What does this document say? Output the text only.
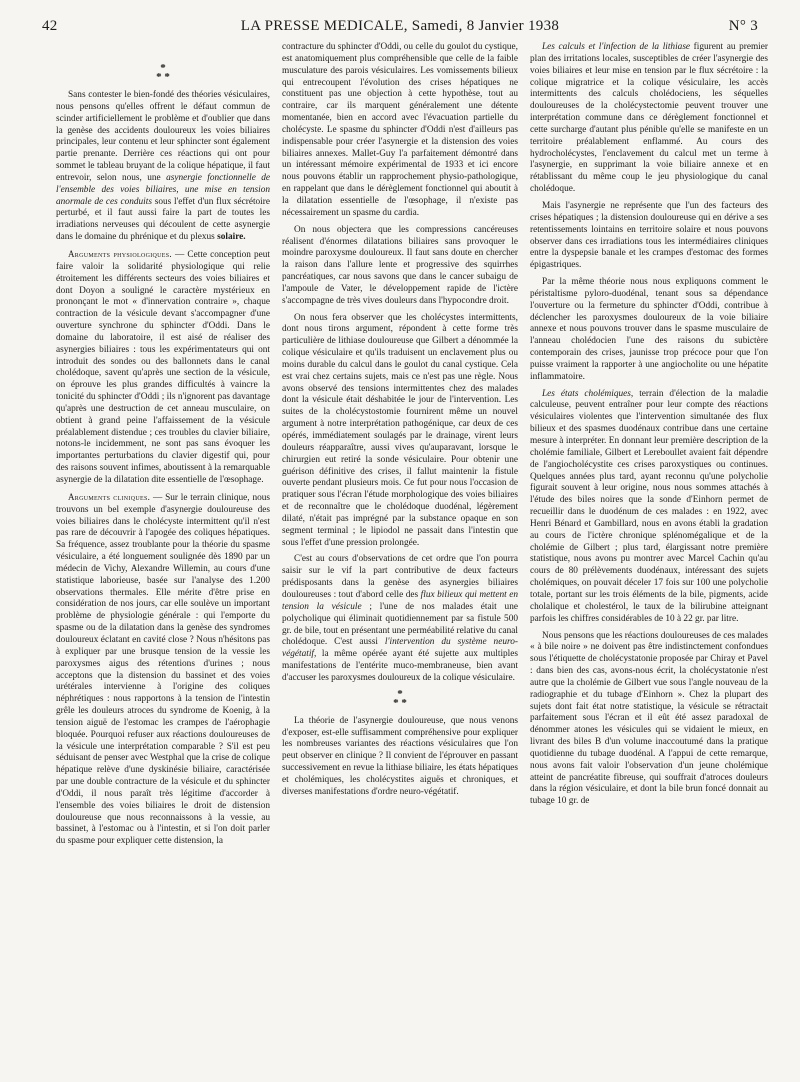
42	LA PRESSE MEDICALE, Samedi, 8 Janvier 1938	N° 3
*
* *

Sans contester le bien-fondé des théories vésiculaires, nous pensons qu'elles offrent le défaut commun de scinder artificiellement le problème et d'oublier que dans la genèse des accidents douloureux les voies biliaires principales, leur contenu et leur sphincter sont également partie prenante. Derrière ces réactions qui ont pour sommet le tableau bruyant de la colique hépatique, il faut entrevoir, selon nous, une asynergie fonctionnelle de l'ensemble des voies biliaires, une mise en tension anormale de ces conduits sous l'effet d'un flux sécrétoire perturbé, et il faut aussi faire la part de toutes les irradiations nerveuses qui découlent de cette asynergie dans le domaine du phrénique et du plexus solaire.

Arguments physiologiques. — Cette conception peut faire valoir la solidarité physiologique qui relie étroitement les différents secteurs des voies biliaires et dont Doyon a souligné le caractère mystérieux en prononçant le mot « d'innervation contraire », chaque contraction de la vésicule devant s'accompagner d'une ouverture synchrone du sphincter d'Oddi. Dans le domaine du laboratoire, il est aisé de réaliser des asynergies biliaires : tous les expérimentateurs qui ont introduit des sondes ou des ballonnets dans le canal cholédoque, savent qu'après une section de la vésicule, on éprouve les plus grandes difficultés à vaincre la tonicité du sphincter d'Oddi ; ils n'ignorent pas davantage qu'après une destruction de cet anneau musculaire, on obtient à grand peine l'affaissement de la vésicule préalablement distendue ; ces troubles du clavier biliaire, notons-le incidemment, ne sont pas sans évoquer les importantes perturbations du clavier digestif qui, pour des raisons souvent infimes, aboutissent à la remarquable asynergie de la dilatation dite essentielle de l'œsophage.

Arguments cliniques. — Sur le terrain clinique, nous trouvons un bel exemple d'asynergie douloureuse des voies biliaires dans le cholécyste intermittent qu'il n'est pas rare de découvrir à l'apogée des coliques hépatiques. Sa fréquence, assez troublante pour la théorie du spasme vésiculaire, a été longuement soulignée dès 1890 par un médecin de Vichy, Alexandre Willemin, au cours d'une statistique laborieuse, basée sur l'analyse des 1.200 observations thermales. Elle mérite d'être prise en considération de nos jours, car elle soulève un important problème de physiologie générale : qui l'emporte du spasme ou de la dilatation dans la genèse des syndromes douloureux éclatant en cavité close ? Nous n'hésitons pas à expliquer par une brusque tension de la vessie les paroxysmes aigus des rétentions d'urines ; nous acceptons que la distension du bassinet et des voies urétérales intervienne à l'origine des coliques néphrétiques : nous rapportons à la tension de l'intestin grêle les douleurs atroces du syndrome de Koenig, à la tension aiguë de l'estomac les crampes de l'aérophagie bloquée. Pourquoi refuser aux réactions douloureuses de la vésicule une interprétation comparable ? S'il est peu séduisant de penser avec Westphal que la crise de colique hépatique relève d'une dyskinésie biliaire, caractérisée par une double contracture de la vésicule et du sphincter d'Oddi, il nous paraît très légitime d'accorder à l'ensemble des voies biliaires le droit de distension douloureuse que nous reconnaissons à la vessie, au bassinet, à l'estomac ou à l'intestin, et si l'on doit parler du spasme pour expliquer cette distension, la

contracture du sphincter d'Oddi, ou celle du goulot du cystique, est anatomiquement plus compréhensible que celle de la faible musculature des parois vésiculaires. Les vomissements bilieux qui entrecoupent l'évolution des crises hépatiques ne constituent pas une objection à cette hypothèse, tout au contraire, car ils marquent généralement une détente momentanée, bien en accord avec l'évacuation partielle du cholécyste. Le spasme du sphincter d'Oddi n'est d'ailleurs pas indispensable pour créer l'asynergie et la distension des voies biliaires annexes. Mallet-Guy l'a parfaitement démontré dans un intéressant mémoire expérimental de 1933 et ici encore nous pouvons établir un rapprochement physio-pathologique, en rappelant que dans le dérèglement fonctionnel qui aboutit à la dilatation essentielle de l'œsophage, il n'existe pas nécessairement un spasme du cardia.

On nous objectera que les compressions cancéreuses réalisent d'énormes dilatations biliaires sans provoquer le moindre paroxysme douloureux. Il faut sans doute en chercher la raison dans l'allure lente et progressive des squirrhes pancréatiques, car nous savons que dans le cancer subaigu de l'ampoule de Vater, le développement rapide de l'ictère s'accompagne de très vives douleurs dans l'hypocondre droit.

On nous fera observer que les cholécystes intermittents, dont nous tirons argument, répondent à cette forme très particulière de lithiase douloureuse que Gilbert a dénommée la colique vésiculaire et qu'ils traduisent un enclavement plus ou moins durable du calcul dans le goulot du canal cystique. Cela est vrai chez certains sujets, mais ce n'est pas une règle. Nous avons observé des tensions intermittentes chez des malades dont la vésicule était déshabitée le jour de l'intervention. Les suites de la cholécystostomie fournirent même un nouvel argument à notre interprétation pathogénique, car deux de ces opérés, immédiatement soulagés par le drainage, virent leurs douleurs réapparaître, aussi vives qu'auparavant, lorsque le chirurgien eut retiré la sonde vésiculaire. Pour obtenir une guérison définitive des crises, il fallut maintenir la fistule ouverte pendant plusieurs mois. Ce fut pour nous l'occasion de pratiquer sous l'écran l'étude morphologique des voies biliaires et de reconnaître que le cholédoque duodénal, légèrement dilaté, n'était pas imprégné par la substance opaque en son segment terminal ; le lipiodol ne passait dans l'intestin que sous l'effet d'une pression prolongée.

C'est au cours d'observations de cet ordre que l'on pourra saisir sur le vif la part contributive de deux facteurs prédisposants dans la genèse des asynergies biliaires douloureuses : tout d'abord celle des flux bilieux qui mettent en tension la vésicule ; l'une de nos malades était une polycholique qui éliminait quotidiennement par sa fistule 500 gr. de bile, tout en présentant une perméabilité relative du canal cholédoque. C'est aussi l'intervention du système neuro-végétatif, la même opérée ayant été sujette aux multiples manifestations de l'entérite muco-membraneuse, bien avant d'accuser les paroxysmes douloureux de la colique vésiculaire.

*
* *

La théorie de l'asynergie douloureuse, que nous venons d'exposer, est-elle suffisamment compréhensive pour expliquer les nombreuses variantes des réactions vésiculaires que l'on peut observer en clinique ? Il convient de l'éprouver en passant successivement en revue la lithiase biliaire, les états hépatiques et cholémiques, les cholécystites aiguës et chroniques, et diverses manifestations d'ordre neuro-végétatif.

Les calculs et l'infection de la lithiase figurent au premier plan des irritations locales, susceptibles de créer l'asynergie des voies biliaires et leur mise en tension par le flux sécrétoire : la colique migratrice et la colique vésiculaire, les accès intermittents des calculs cholédociens, les séquelles douloureuses de la cholécystectomie peuvent trouver une interprétation commune dans ce dérèglement fonctionnel et cette surcharge d'autant plus pénible qu'elle se manifeste en un territoire préalablement enflammé. Au cours des hydrocholécystes, l'enclavement du calcul met un terme à l'asynergie, en supprimant la voie biliaire annexe et en rétablissant du même coup le jeu physiologique du canal cholédoque.

Mais l'asynergie ne représente que l'un des facteurs des crises hépatiques ; la distension douloureuse qui en dérive a ses retentissements lointains en territoire solaire et nous pouvons observer dans ces irradiations tous les intermédiaires cliniques entre la dyspepsie banale et les crampes d'estomac des formes épigastriques.

Par la même théorie nous nous expliquons comment le péristaltisme pyloro-duodénal, tenant sous sa dépendance l'ouverture ou la fermeture du sphincter d'Oddi, contribue à déclencher les paroxysmes douloureux de la voie biliaire annexe et nous pouvons trouver dans le spasme musculaire de l'anneau cholédocien l'une des raisons du subictère contemporain des crises, jaunisse trop précoce pour que l'on puisse vraiment la rapporter à une angiocholite ou une hépatite inflammatoire.

Les états cholémiques, terrain d'élection de la maladie calculeuse, peuvent entraîner pour leur compte des réactions vésiculaires violentes que l'intervention simultanée des flux bilieux et des spasmes duodénaux contribue dans une certaine mesure à interpréter. En donnant leur première description de la cholémie familiale, Gilbert et Lereboullet avaient fait dépendre de l'angiocholécystite ces crises paroxystiques ou continues. Quelques années plus tard, ayant reconnu qu'une polycholie figurait souvent à leur origine, nous nous sommes attachés à l'étude des biles noires que la sonde d'Einhorn permet de recueillir dans le duodénum de ces malades : en 1922, avec Henri Bénard et Gambillard, nous en avons établi la gradation au cours de l'ictère chronique splénomégalique et de la cholémie de Gilbert ; plus tard, élargissant notre première statistique, nous avons pu montrer avec Marcel Cachin qu'au cours de 80 prélèvements duodénaux, intéressant des sujets cholémiques, on pouvait déceler 17 fois sur 100 une polycholie totale, portant sur les trois éléments de la bile, pigments, acide cholalique et cholestérol, le taux de la bilirubine atteignant parfois les chiffres considérables de 10 à 22 gr. par litre.

Nous pensons que les réactions douloureuses de ces malades « à bile noire » ne doivent pas être indistinctement confondues sous l'étiquette de cholécystatonie proposée par Chiray et Pavel : dans bien des cas, avons-nous écrit, la cholécystatonie n'est autre que la cholémie de Gilbert vue sous l'angle nouveau de la radiographie et du tubage d'Einhorn ». Chez la plupart des sujets dont fait état notre statistique, la vésicule se rétractait parfaitement sous l'écran et il eût été assez paradoxal de dénommer atones les vésicules qui se vidaient le mieux, en livrant des biles B d'un volume inaccoutumé dans la pratique quotidienne du tubage duodénal. A l'appui de cette remarque, nous avons fait valoir l'observation d'un jeune cholémique atteint de pancréatite fibreuse, qui souffrait d'atroces douleurs dans la région vésiculaire, et dont la bile brun foncé donnait au tubage 10 gr. de
